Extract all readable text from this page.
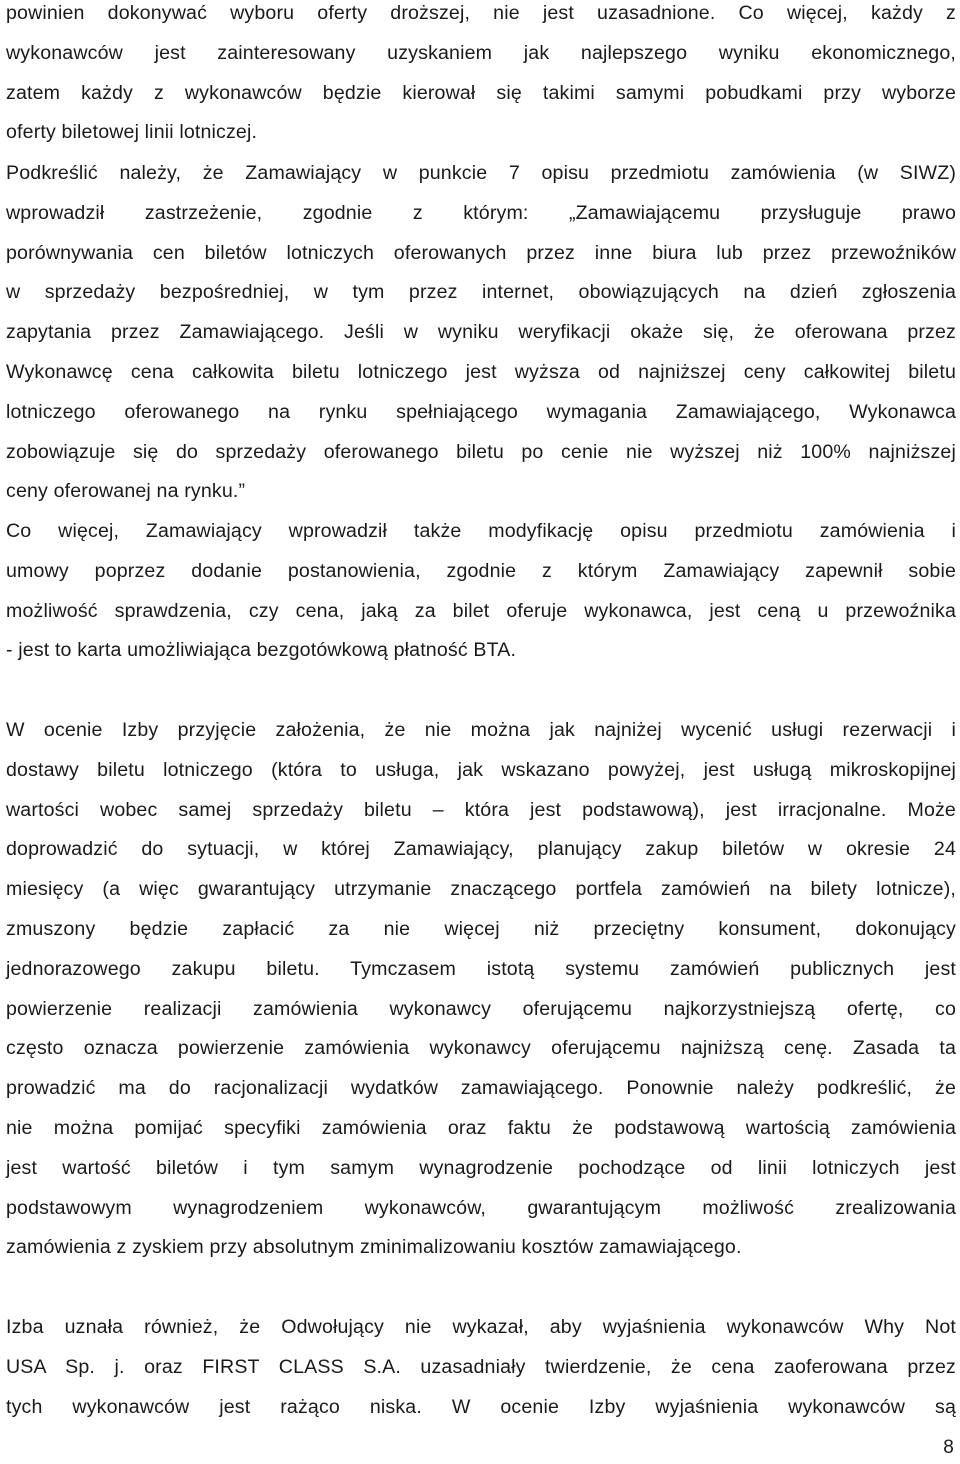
powinien dokonywać wyboru oferty droższej, nie jest uzasadnione. Co więcej, każdy z
wykonawców jest zainteresowany uzyskaniem jak najlepszego wyniku ekonomicznego,
zatem każdy z wykonawców będzie kierował się takimi samymi pobudkami przy wyborze
oferty biletowej linii lotniczej.
Podkreślić należy, że Zamawiający w punkcie 7 opisu przedmiotu zamówienia (w SIWZ)
wprowadził zastrzeżenie, zgodnie z którym: „Zamawiającemu przysługuje prawo
porównywania cen biletów lotniczych oferowanych przez inne biura lub przez przewoźników
w sprzedaży bezpośredniej, w tym przez internet, obowiązujących na dzień zgłoszenia
zapytania przez Zamawiającego. Jeśli w wyniku weryfikacji okaże się, że oferowana przez
Wykonawcę cena całkowita biletu lotniczego jest wyższa od najniższej ceny całkowitej biletu
lotniczego oferowanego na rynku spełniającego wymagania Zamawiającego, Wykonawca
zobowiązuje się do sprzedaży oferowanego biletu po cenie nie wyższej niż 100% najniższej
ceny oferowanej na rynku.”
Co więcej, Zamawiający wprowadził także modyfikację opisu przedmiotu zamówienia i
umowy poprzez dodanie postanowienia, zgodnie z którym Zamawiający zapewnił sobie
możliwość sprawdzenia, czy cena, jaką za bilet oferuje wykonawca, jest ceną u przewoźnika
- jest to karta umożliwiająca bezgotówkową płatność BTA.
W ocenie Izby przyjęcie założenia, że nie można jak najniżej wycenić usługi rezerwacji i
dostawy biletu lotniczego (która to usługa, jak wskazano powyżej, jest usługą mikroskopijnej
wartości wobec samej sprzedaży biletu – która jest podstawową), jest irracjonalne. Może
doprowadzić do sytuacji, w której Zamawiający, planujący zakup biletów w okresie 24
miesięcy (a więc gwarantujący utrzymanie znaczącego portfela zamówień na bilety lotnicze),
zmuszony będzie zapłacić za nie więcej niż przeciętny konsument, dokonujący
jednorazowego zakupu biletu. Tymczasem istotą systemu zamówień publicznych jest
powierzenie realizacji zamówienia wykonawcy oferującemu najkorzystniejszą ofertę, co
często oznacza powierzenie zamówienia wykonawcy oferującemu najniższą cenę. Zasada ta
prowadzić ma do racjonalizacji wydatków zamawiającego. Ponownie należy podkreślić, że
nie można pomijać specyfiki zamówienia oraz faktu że podstawową wartością zamówienia
jest wartość biletów i tym samym wynagrodzenie pochodzące od linii lotniczych jest
podstawowym wynagrodzeniem wykonawców, gwarantującym możliwość zrealizowania
zamówienia z zyskiem przy absolutnym zminimalizowaniu kosztów zamawiającego.
Izba uznała również, że Odwołujący nie wykazał, aby wyjaśnienia wykonawców Why Not
USA Sp. j. oraz FIRST CLASS S.A. uzasadniały twierdzenie, że cena zaoferowana przez
tych wykonawców jest rażąco niska. W ocenie Izby wyjaśnienia wykonawców są
8
